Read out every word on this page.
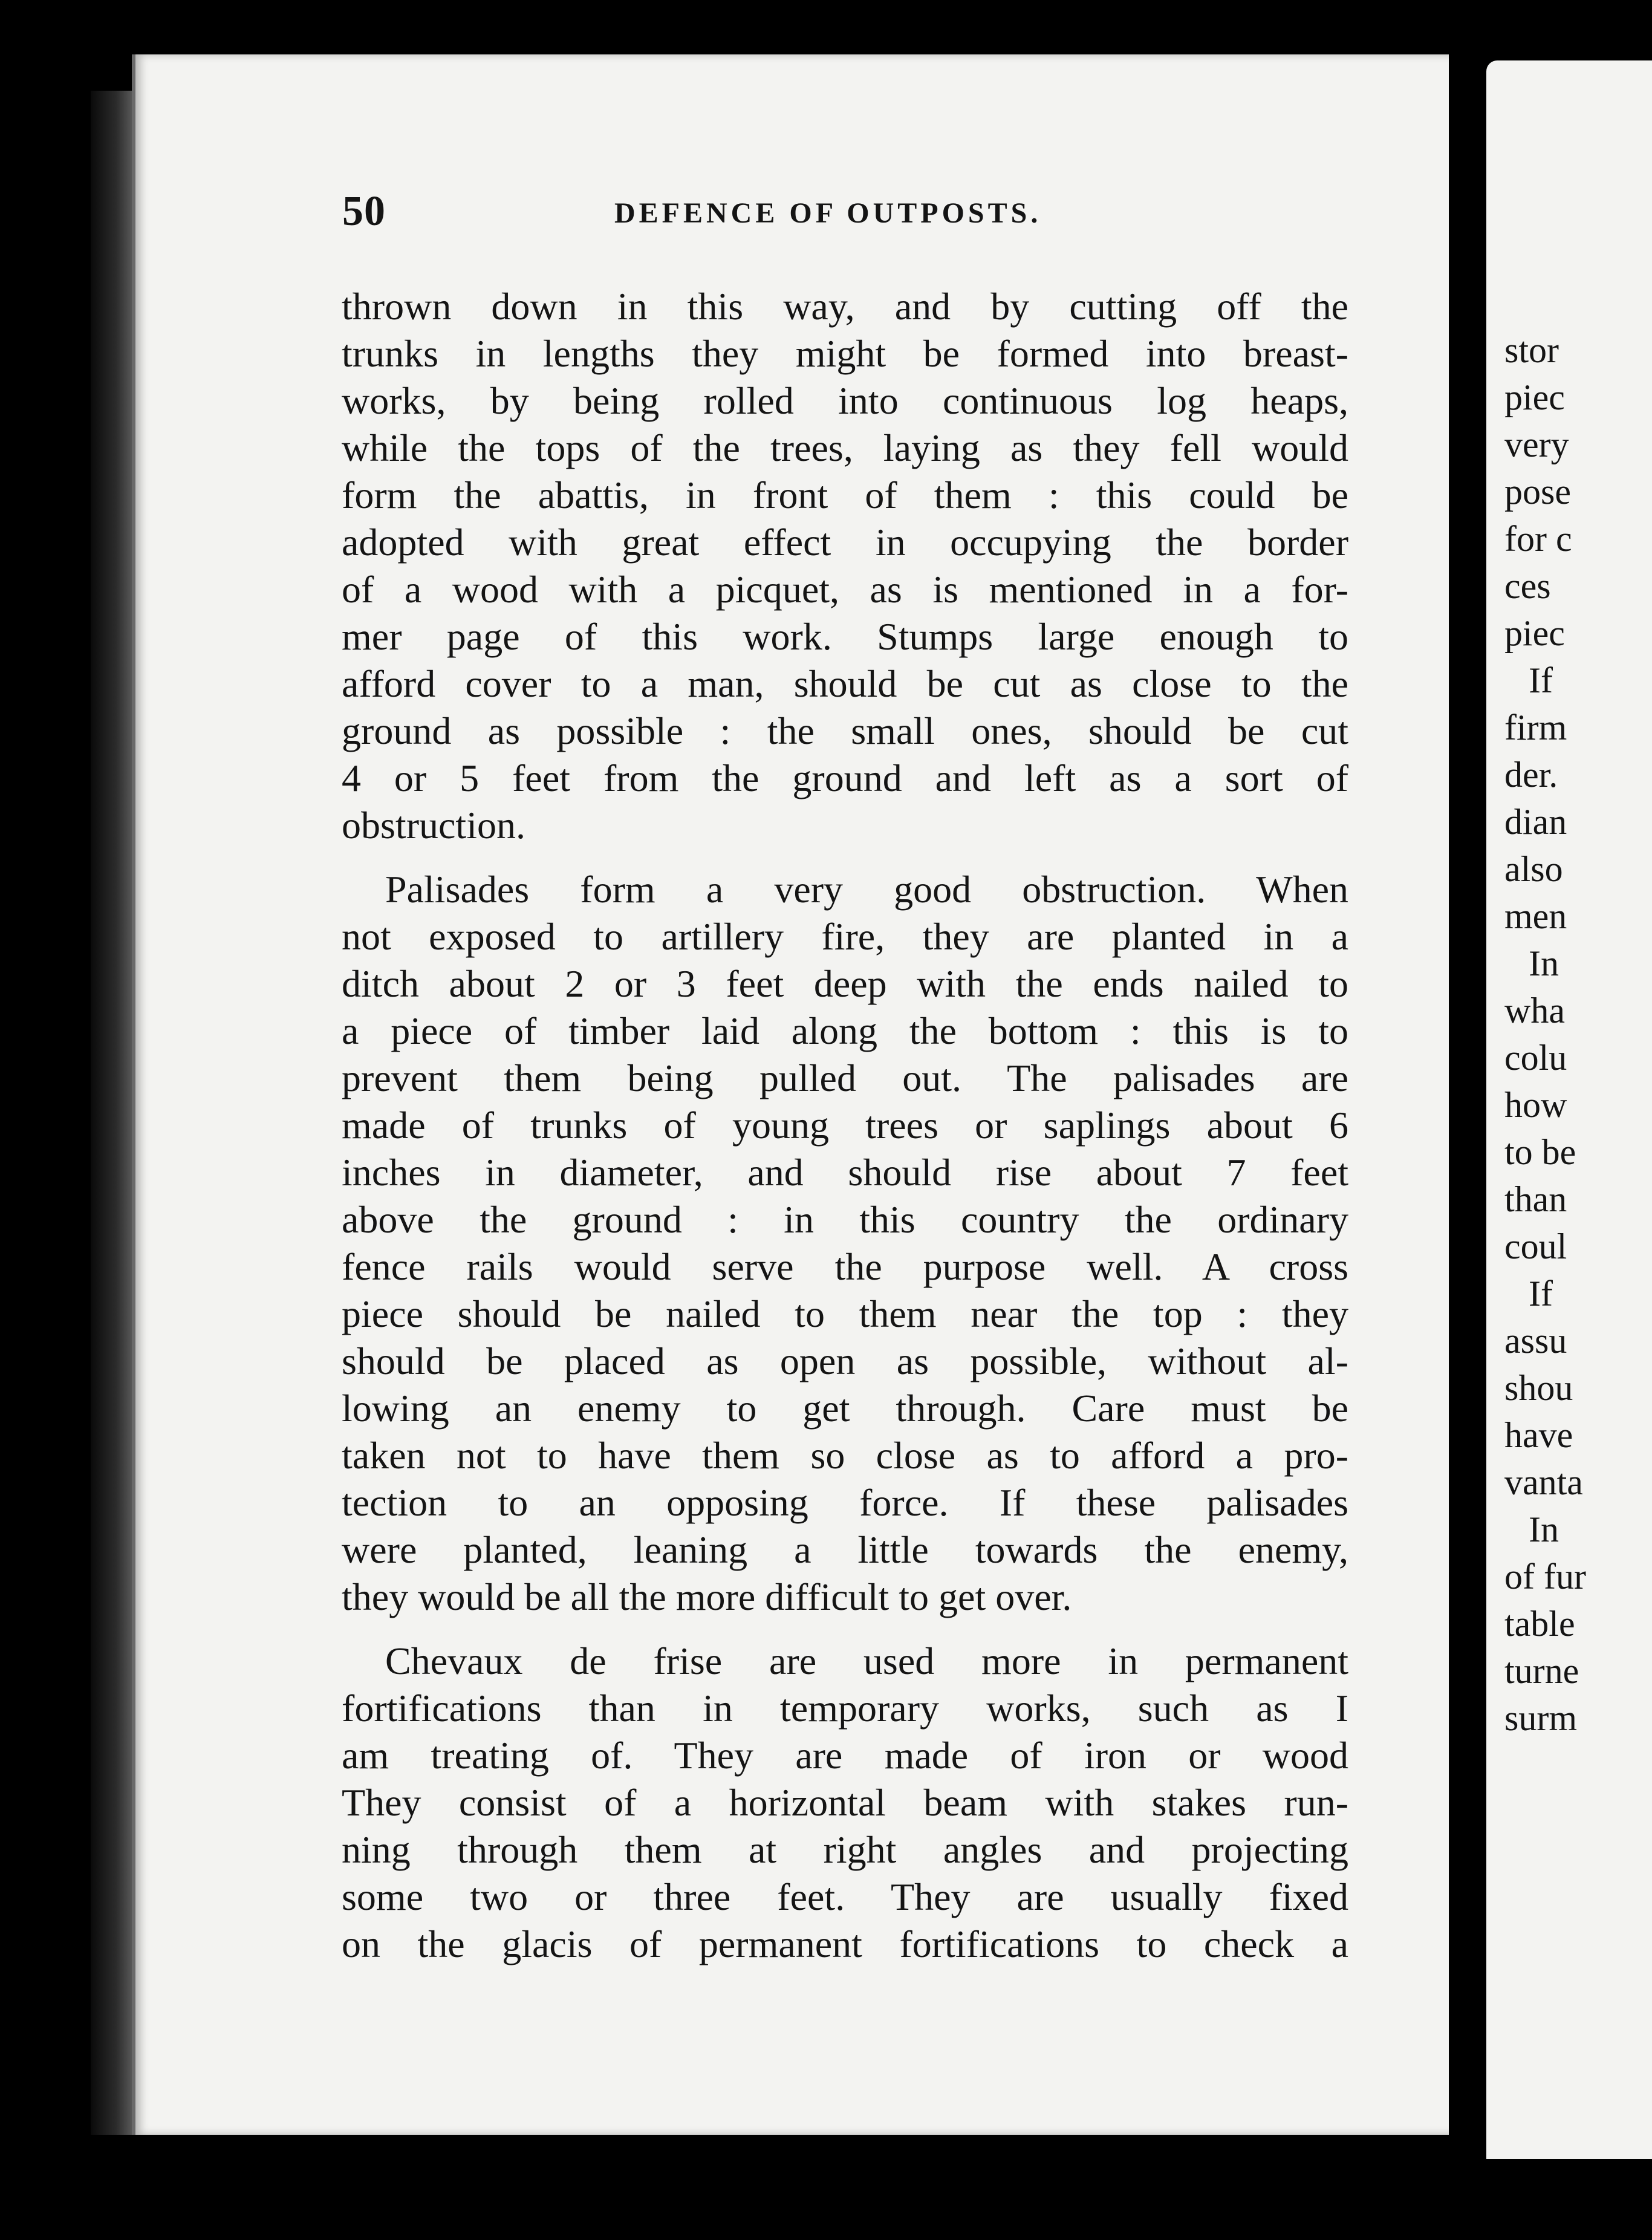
50	DEFENCE OF OUTPOSTS.
thrown down in this way, and by cutting off the
trunks in lengths they might be formed into breast-
works, by being rolled into continuous log heaps,
while the tops of the trees, laying as they fell would
form the abattis, in front of them : this could be
adopted with great effect in occupying the border
of a wood with a picquet, as is mentioned in a for-
mer page of this work. Stumps large enough to
afford cover to a man, should be cut as close to the
ground as possible : the small ones, should be cut
4 or 5 feet from the ground and left as a sort of
obstruction.
Palisades form a very good obstruction. When
not exposed to artillery fire, they are planted in a
ditch about 2 or 3 feet deep with the ends nailed to
a piece of timber laid along the bottom : this is to
prevent them being pulled out. The palisades are
made of trunks of young trees or saplings about 6
inches in diameter, and should rise about 7 feet
above the ground : in this country the ordinary
fence rails would serve the purpose well. A cross
piece should be nailed to them near the top : they
should be placed as open as possible, without al-
lowing an enemy to get through. Care must be
taken not to have them so close as to afford a pro-
tection to an opposing force. If these palisades
were planted, leaning a little towards the enemy,
they would be all the more difficult to get over.
Chevaux de frise are used more in permanent
fortifications than in temporary works, such as I
am treating of. They are made of iron or wood
They consist of a horizontal beam with stakes run-
ning through them at right angles and projecting
some two or three feet. They are usually fixed
on the glacis of permanent fortifications to check a
stor
piec
very
pose
for c
ces
piec
If
firm
der.
dian
also
men
In
wha
colu
how
to be
than
coul
If
assu
shou
have
vanta
In
of fur
table
turne
surm
